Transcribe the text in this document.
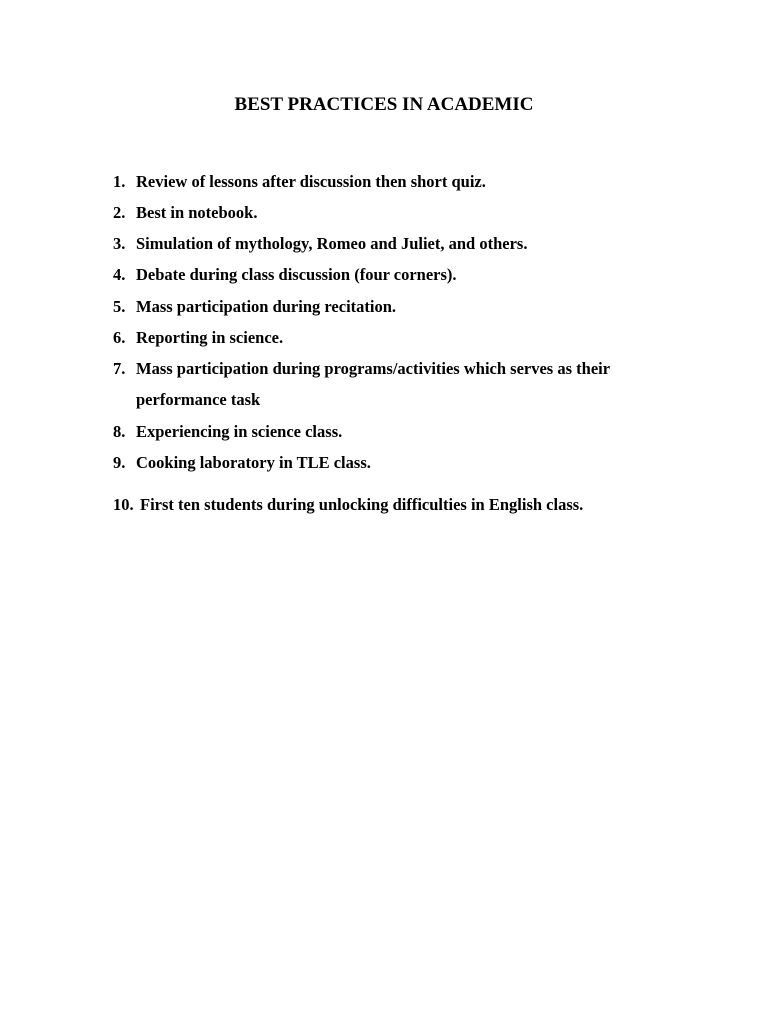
BEST PRACTICES IN ACADEMIC
1. Review of lessons after discussion then short quiz.
2. Best in notebook.
3. Simulation of mythology, Romeo and Juliet, and others.
4. Debate during class discussion (four corners).
5. Mass participation during recitation.
6. Reporting in science.
7. Mass participation during programs/activities which serves as their performance task
8. Experiencing in science class.
9. Cooking laboratory in TLE class.
10. First ten students during unlocking difficulties in English class.
